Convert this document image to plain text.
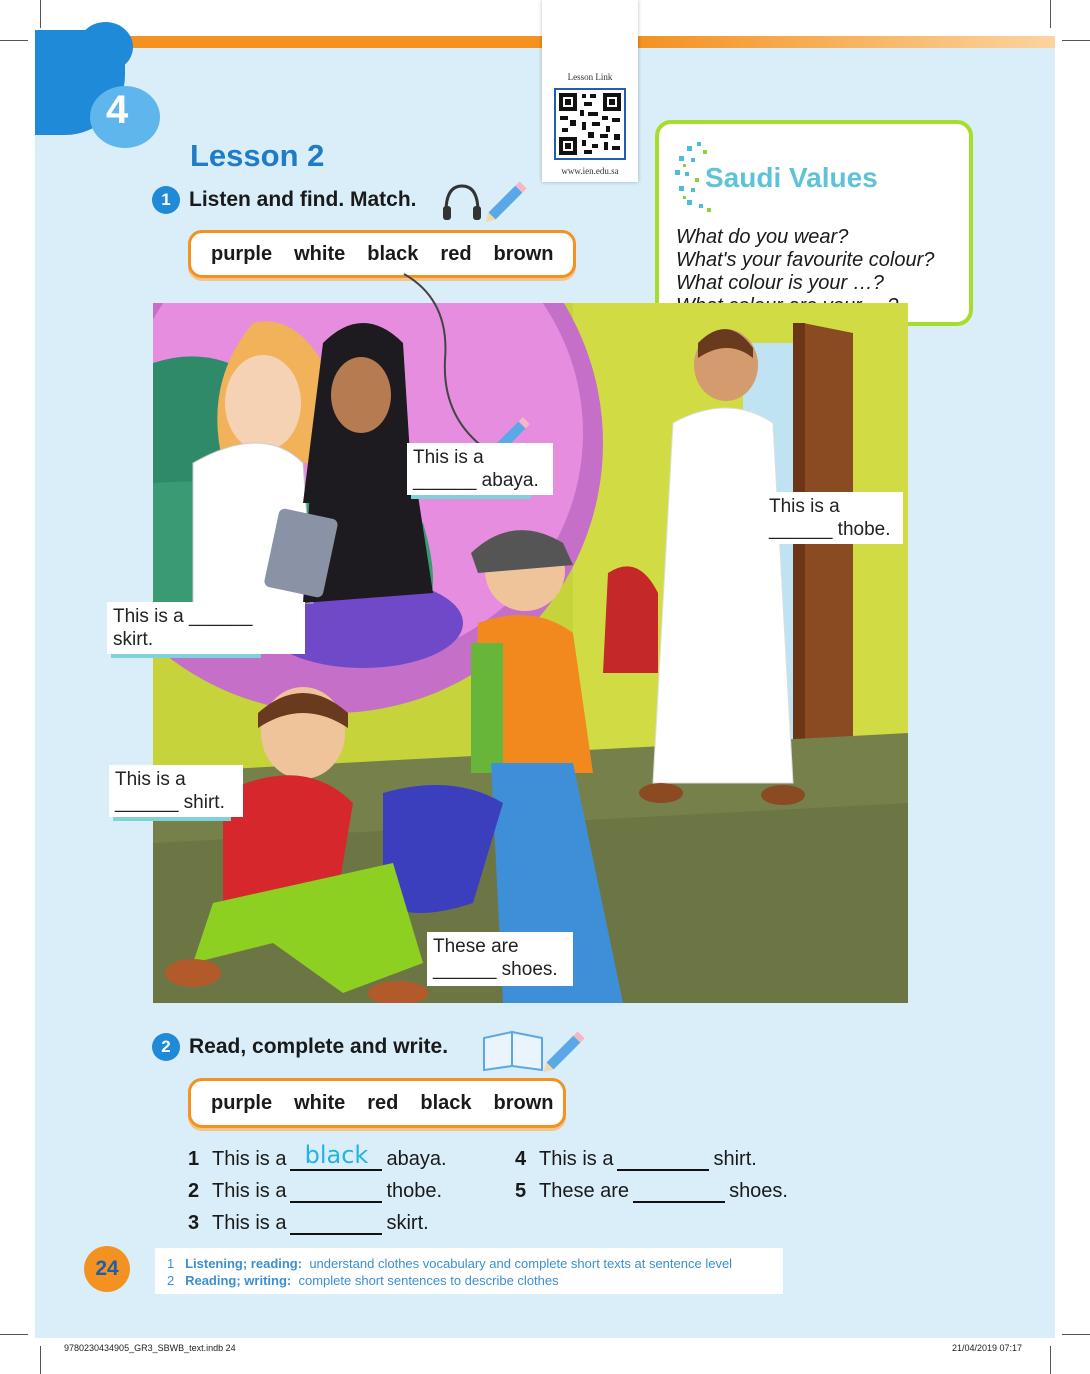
4
Lesson 2
Lesson Link
www.ien.edu.sa
1 Listen and find. Match.
purple white black red brown
Saudi Values
What do you wear?
What's your favourite colour?
What colour is your …?
This is a
______ abaya.
This is a
______ thobe.
This is a ______
skirt.
This is a
______ shirt.
These are
______ shoes.
2 Read, complete and write.
purple white red black brown
1 This is a black abaya.
2 This is a	thobe.
3 This is a	skirt.
4 This is a	shirt.
5 These are	shoes.
24	1 Listening; reading: understand clothes vocabulary and complete short texts at sentence level
2 Reading; writing: complete short sentences to describe clothes
9780230434905_GR3_SBWB_text.indb 24	21/04/2019 07:17
